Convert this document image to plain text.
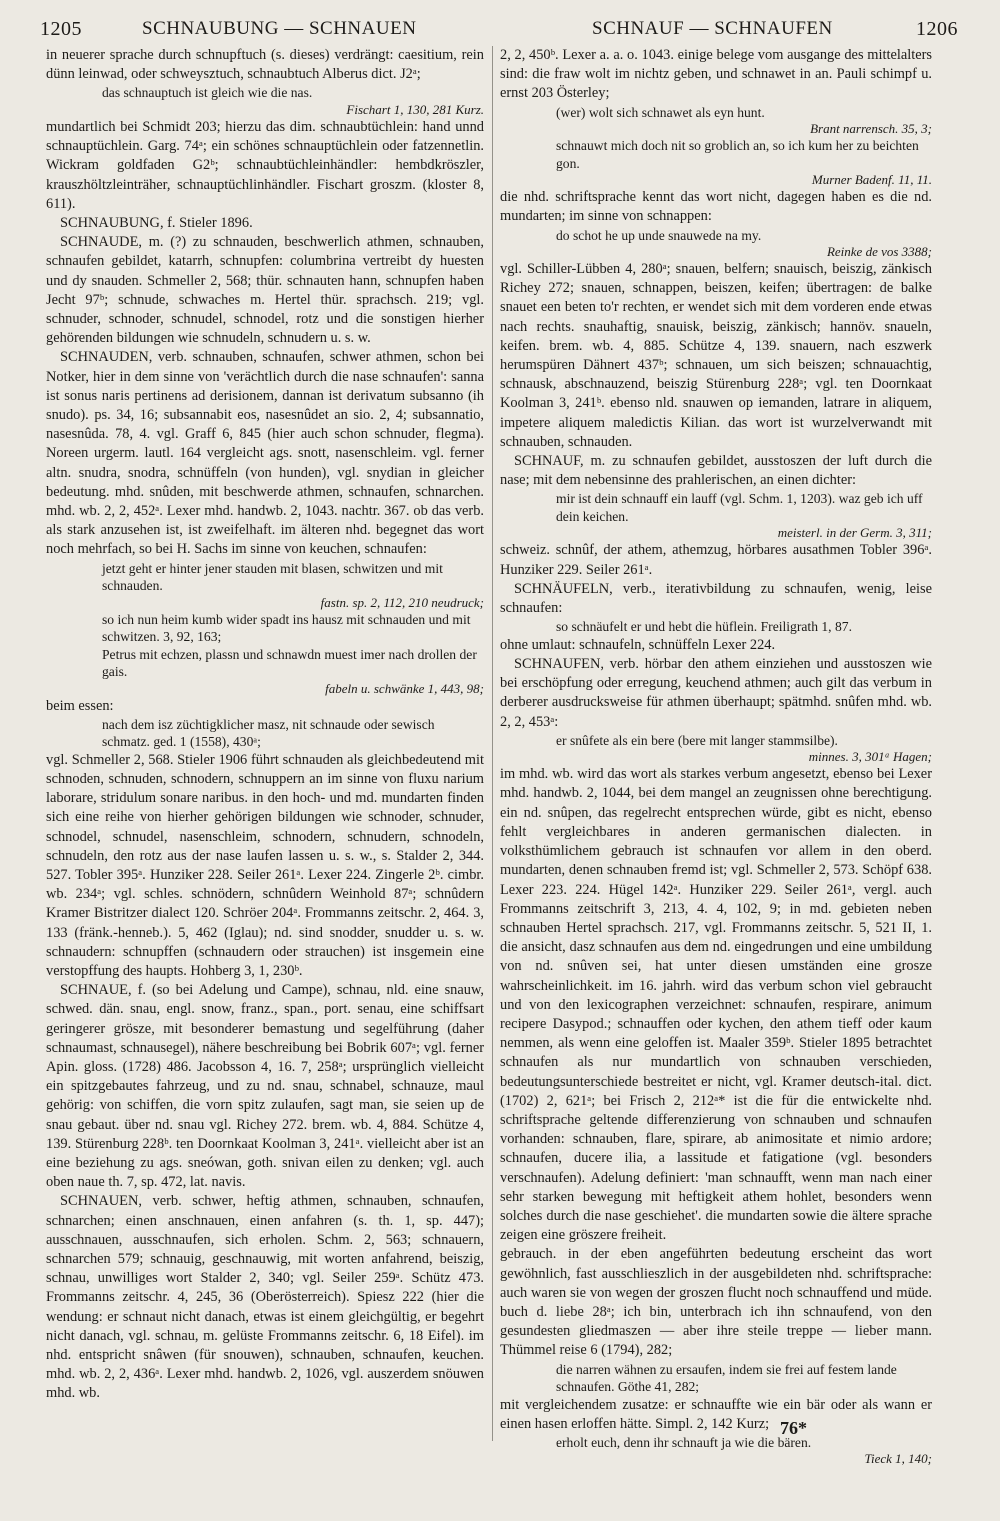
1205	SCHNAUBUNG — SCHNAUEN	SCHNAUF — SCHNAUFEN	1206

in neuerer sprache durch schnupftuch (s. dieses) verdrängt: caesitium, rein dünn leinwad, oder schweysztuch, schnaubtuch Alberus dict. J2ᵃ;

das schnauptuch ist gleich wie die nas.

Fischart 1, 130, 281 Kurz.

mundartlich bei Schmidt 203; hierzu das dim. schnaubtüchlein: hand unnd schnauptüchlein. Garg. 74ᵃ; ein schönes schnauptüchlein oder fatzennetlin. Wickram goldfaden G2ᵇ; schnaubtüchleinhändler: hembdkröszler, krauszhöltzleinträher, schnauptüchlinhändler. Fischart groszm. (kloster 8, 611).

SCHNAUBUNG, f. Stieler 1896.

SCHNAUDE, m. (?) zu schnauden, beschwerlich athmen, schnauben, schnaufen gebildet, katarrh, schnupfen: columbrina vertreibt dy huesten und dy snauden. Schmeller 2, 568; thür. schnauten hann, schnupfen haben Jecht 97ᵇ; schnude, schwaches m. Hertel thür. sprachsch. 219; vgl. schnuder, schnoder, schnudel, schnodel, rotz und die sonstigen hierher gehörenden bildungen wie schnudeln, schnudern u. s. w.

SCHNAUDEN, verb. schnauben, schnaufen, schwer athmen, schon bei Notker, hier in dem sinne von 'verächtlich durch die nase schnaufen': sanna ist sonus naris pertinens ad derisionem, dannan ist derivatum subsanno (ih snudo). ps. 34, 16; subsannabit eos, nasesnûdet an sio. 2, 4; subsannatio, nasesnûda. 78, 4. vgl. Graff 6, 845 (hier auch schon schnuder, flegma). Noreen urgerm. lautl. 164 vergleicht ags. snott, nasenschleim. vgl. ferner altn. snudra, snodra, schnüffeln (von hunden), vgl. snydian in gleicher bedeutung. mhd. snûden, mit beschwerde athmen, schnaufen, schnarchen. mhd. wb. 2, 2, 452ᵃ. Lexer mhd. handwb. 2, 1043. nachtr. 367. ob das verb. als stark anzusehen ist, ist zweifelhaft. im älteren nhd. begegnet das wort noch mehrfach, so bei H. Sachs im sinne von keuchen, schnaufen:

jetzt geht er hinter jener stauden mit blasen, schwitzen und mit schnauden.

fastn. sp. 2, 112, 210 neudruck;

so ich nun heim kumb wider spadt ins hausz mit schnauden und mit schwitzen. 3, 92, 163;

Petrus mit echzen, plassn und schnawdn muest imer nach drollen der gais.

fabeln u. schwänke 1, 443, 98;

beim essen:

nach dem isz züchtigklicher masz, nit schnaude oder sewisch schmatz. ged. 1 (1558), 430ᵃ;

vgl. Schmeller 2, 568. Stieler 1906 führt schnauden als gleichbedeutend mit schnoden, schnuden, schnodern, schnuppern an im sinne von fluxu narium laborare, stridulum sonare naribus. in den hoch- und md. mundarten finden sich eine reihe von hierher gehörigen bildungen wie schnoder, schnuder, schnodel, schnudel, nasenschleim, schnodern, schnudern, schnodeln, schnudeln, den rotz aus der nase laufen lassen u. s. w., s. Stalder 2, 344. 527. Tobler 395ᵃ. Hunziker 228. Seiler 261ᵃ. Lexer 224. Zingerle 2ᵇ. cimbr. wb. 234ᵃ; vgl. schles. schnödern, schnûdern Weinhold 87ᵃ; schnûdern Kramer Bistritzer dialect 120. Schröer 204ᵃ. Frommanns zeitschr. 2, 464. 3, 133 (fränk.-henneb.). 5, 462 (Iglau); nd. sind snodder, snudder u. s. w. schnaudern: schnupffen (schnaudern oder strauchen) ist insgemein eine verstopffung des haupts. Hohberg 3, 1, 230ᵇ.

SCHNAUE, f. (so bei Adelung und Campe), schnau, nld. eine snauw, schwed. dän. snau, engl. snow, franz., span., port. senau, eine schiffsart geringerer grösze, mit besonderer bemastung und segelführung (daher schnaumast, schnausegel), nähere beschreibung bei Bobrik 607ᵃ; vgl. ferner Apin. gloss. (1728) 486. Jacobsson 4, 16. 7, 258ᵃ; ursprünglich vielleicht ein spitzgebautes fahrzeug, und zu nd. snau, schnabel, schnauze, maul gehörig: von schiffen, die vorn spitz zulaufen, sagt man, sie seien up de snau gebaut. über nd. snau vgl. Richey 272. brem. wb. 4, 884. Schütze 4, 139. Stürenburg 228ᵇ. ten Doornkaat Koolman 3, 241ᵃ. vielleicht aber ist an eine beziehung zu ags. sneówan, goth. snivan eilen zu denken; vgl. auch oben naue th. 7, sp. 472, lat. navis.

SCHNAUEN, verb. schwer, heftig athmen, schnauben, schnaufen, schnarchen; einen anschnauen, einen anfahren (s. th. 1, sp. 447); ausschnauen, ausschnaufen, sich erholen. Schm. 2, 563; schnauern, schnarchen 579; schnauig, geschnauwig, mit worten anfahrend, beiszig, schnau, unwilliges wort Stalder 2, 340; vgl. Seiler 259ᵃ. Schütz 473. Frommanns zeitschr. 4, 245, 36 (Oberösterreich). Spiesz 222 (hier die wendung: er schnaut nicht danach, etwas ist einem gleichgültig, er begehrt nicht danach, vgl. schnau, m. gelüste Frommanns zeitschr. 6, 18 Eifel). im nhd. entspricht snâwen (für snouwen), schnauben, schnaufen, keuchen. mhd. wb. 2, 2, 436ᵃ. Lexer mhd. handwb. 2, 1026, vgl. auszerdem snöuwen mhd. wb.

2, 2, 450ᵇ. Lexer a. a. o. 1043. einige belege vom ausgange des mittelalters sind: die fraw wolt im nichtz geben, und schnawet in an. Pauli schimpf u. ernst 203 Österley;

(wer) wolt sich schnawet als eyn hunt.

Brant narrensch. 35, 3;

schnauwt mich doch nit so groblich an, so ich kum her zu beichten gon.

Murner Badenf. 11, 11.

die nhd. schriftsprache kennt das wort nicht, dagegen haben es die nd. mundarten; im sinne von schnappen:

do schot he up unde snauwede na my.

Reinke de vos 3388;

vgl. Schiller-Lübben 4, 280ᵃ; snauen, belfern; snauisch, beiszig, zänkisch Richey 272; snauen, schnappen, beiszen, keifen; übertragen: de balke snauet een beten to'r rechten, er wendet sich mit dem vorderen ende etwas nach rechts. snauhaftig, snauisk, beiszig, zänkisch; hannöv. snaueln, keifen. brem. wb. 4, 885. Schütze 4, 139. snauern, nach eszwerk herumspüren Dähnert 437ᵇ; schnauen, um sich beiszen; schnauachtig, schnausk, abschnauzend, beiszig Stürenburg 228ᵃ; vgl. ten Doornkaat Koolman 3, 241ᵇ. ebenso nld. snauwen op iemanden, latrare in aliquem, impetere aliquem maledictis Kilian. das wort ist wurzelverwandt mit schnauben, schnauden.

SCHNAUF, m. zu schnaufen gebildet, ausstoszen der luft durch die nase; mit dem nebensinne des prahlerischen, an einen dichter:

mir ist dein schnauff ein lauff (vgl. Schm. 1, 1203). waz geb ich uff dein keichen.

meisterl. in der Germ. 3, 311;

schweiz. schnûf, der athem, athemzug, hörbares ausathmen Tobler 396ᵃ. Hunziker 229. Seiler 261ᵃ.

SCHNÄUFELN, verb., iterativbildung zu schnaufen, wenig, leise schnaufen:

so schnäufelt er und hebt die hüflein. Freiligrath 1, 87.

ohne umlaut: schnaufeln, schnüffeln Lexer 224.

SCHNAUFEN, verb. hörbar den athem einziehen und ausstoszen wie bei erschöpfung oder erregung, keuchend athmen; auch gilt das verbum in derberer ausdrucksweise für athmen überhaupt; spätmhd. snûfen mhd. wb. 2, 2, 453ᵃ:

er snûfete als ein bere (bere mit langer stammsilbe).

minnes. 3, 301ᵃ Hagen;

im mhd. wb. wird das wort als starkes verbum angesetzt, ebenso bei Lexer mhd. handwb. 2, 1044, bei dem mangel an zeugnissen ohne berechtigung. ein nd. snûpen, das regelrecht entsprechen würde, gibt es nicht, ebenso fehlt vergleichbares in anderen germanischen dialecten. in volksthümlichem gebrauch ist schnaufen vor allem in den oberd. mundarten, denen schnauben fremd ist; vgl. Schmeller 2, 573. Schöpf 638. Lexer 223. 224. Hügel 142ᵃ. Hunziker 229. Seiler 261ᵃ, vergl. auch Frommanns zeitschrift 3, 213, 4. 4, 102, 9; in md. gebieten neben schnauben Hertel sprachsch. 217, vgl. Frommanns zeitschr. 5, 521 II, 1. die ansicht, dasz schnaufen aus dem nd. eingedrungen und eine umbildung von nd. snûven sei, hat unter diesen umständen eine grosze wahrscheinlichkeit. im 16. jahrh. wird das verbum schon viel gebraucht und von den lexicographen verzeichnet: schnaufen, respirare, animum recipere Dasypod.; schnauffen oder kychen, den athem tieff oder kaum nemmen, als wenn eine geloffen ist. Maaler 359ᵇ. Stieler 1895 betrachtet schnaufen als nur mundartlich von schnauben verschieden, bedeutungsunterschiede bestreitet er nicht, vgl. Kramer deutsch-ital. dict. (1702) 2, 621ᵃ; bei Frisch 2, 212ᵃ* ist die für die entwickelte nhd. schriftsprache geltende differenzierung von schnauben und schnaufen vorhanden: schnauben, flare, spirare, ab animositate et nimio ardore; schnaufen, ducere ilia, a lassitude et fatigatione (vgl. besonders verschnaufen). Adelung definiert: 'man schnaufft, wenn man nach einer sehr starken bewegung mit heftigkeit athem hohlet, besonders wenn solches durch die nase geschiehet'. die mundarten sowie die ältere sprache zeigen eine gröszere freiheit.

gebrauch. in der eben angeführten bedeutung erscheint das wort gewöhnlich, fast ausschlieszlich in der ausgebildeten nhd. schriftsprache: auch waren sie von wegen der groszen flucht noch schnauffend und müde. buch d. liebe 28ᵃ; ich bin, unterbrach ich ihn schnaufend, von den gesundesten gliedmaszen — aber ihre steile treppe — lieber mann. Thümmel reise 6 (1794), 282;

die narren wähnen zu ersaufen, indem sie frei auf festem lande schnaufen. Göthe 41, 282;

mit vergleichendem zusatze: er schnauffte wie ein bär oder als wann er einen hasen erloffen hätte. Simpl. 2, 142 Kurz;

erholt euch, denn ihr schnauft ja wie die bären.

Tieck 1, 140;

76*
